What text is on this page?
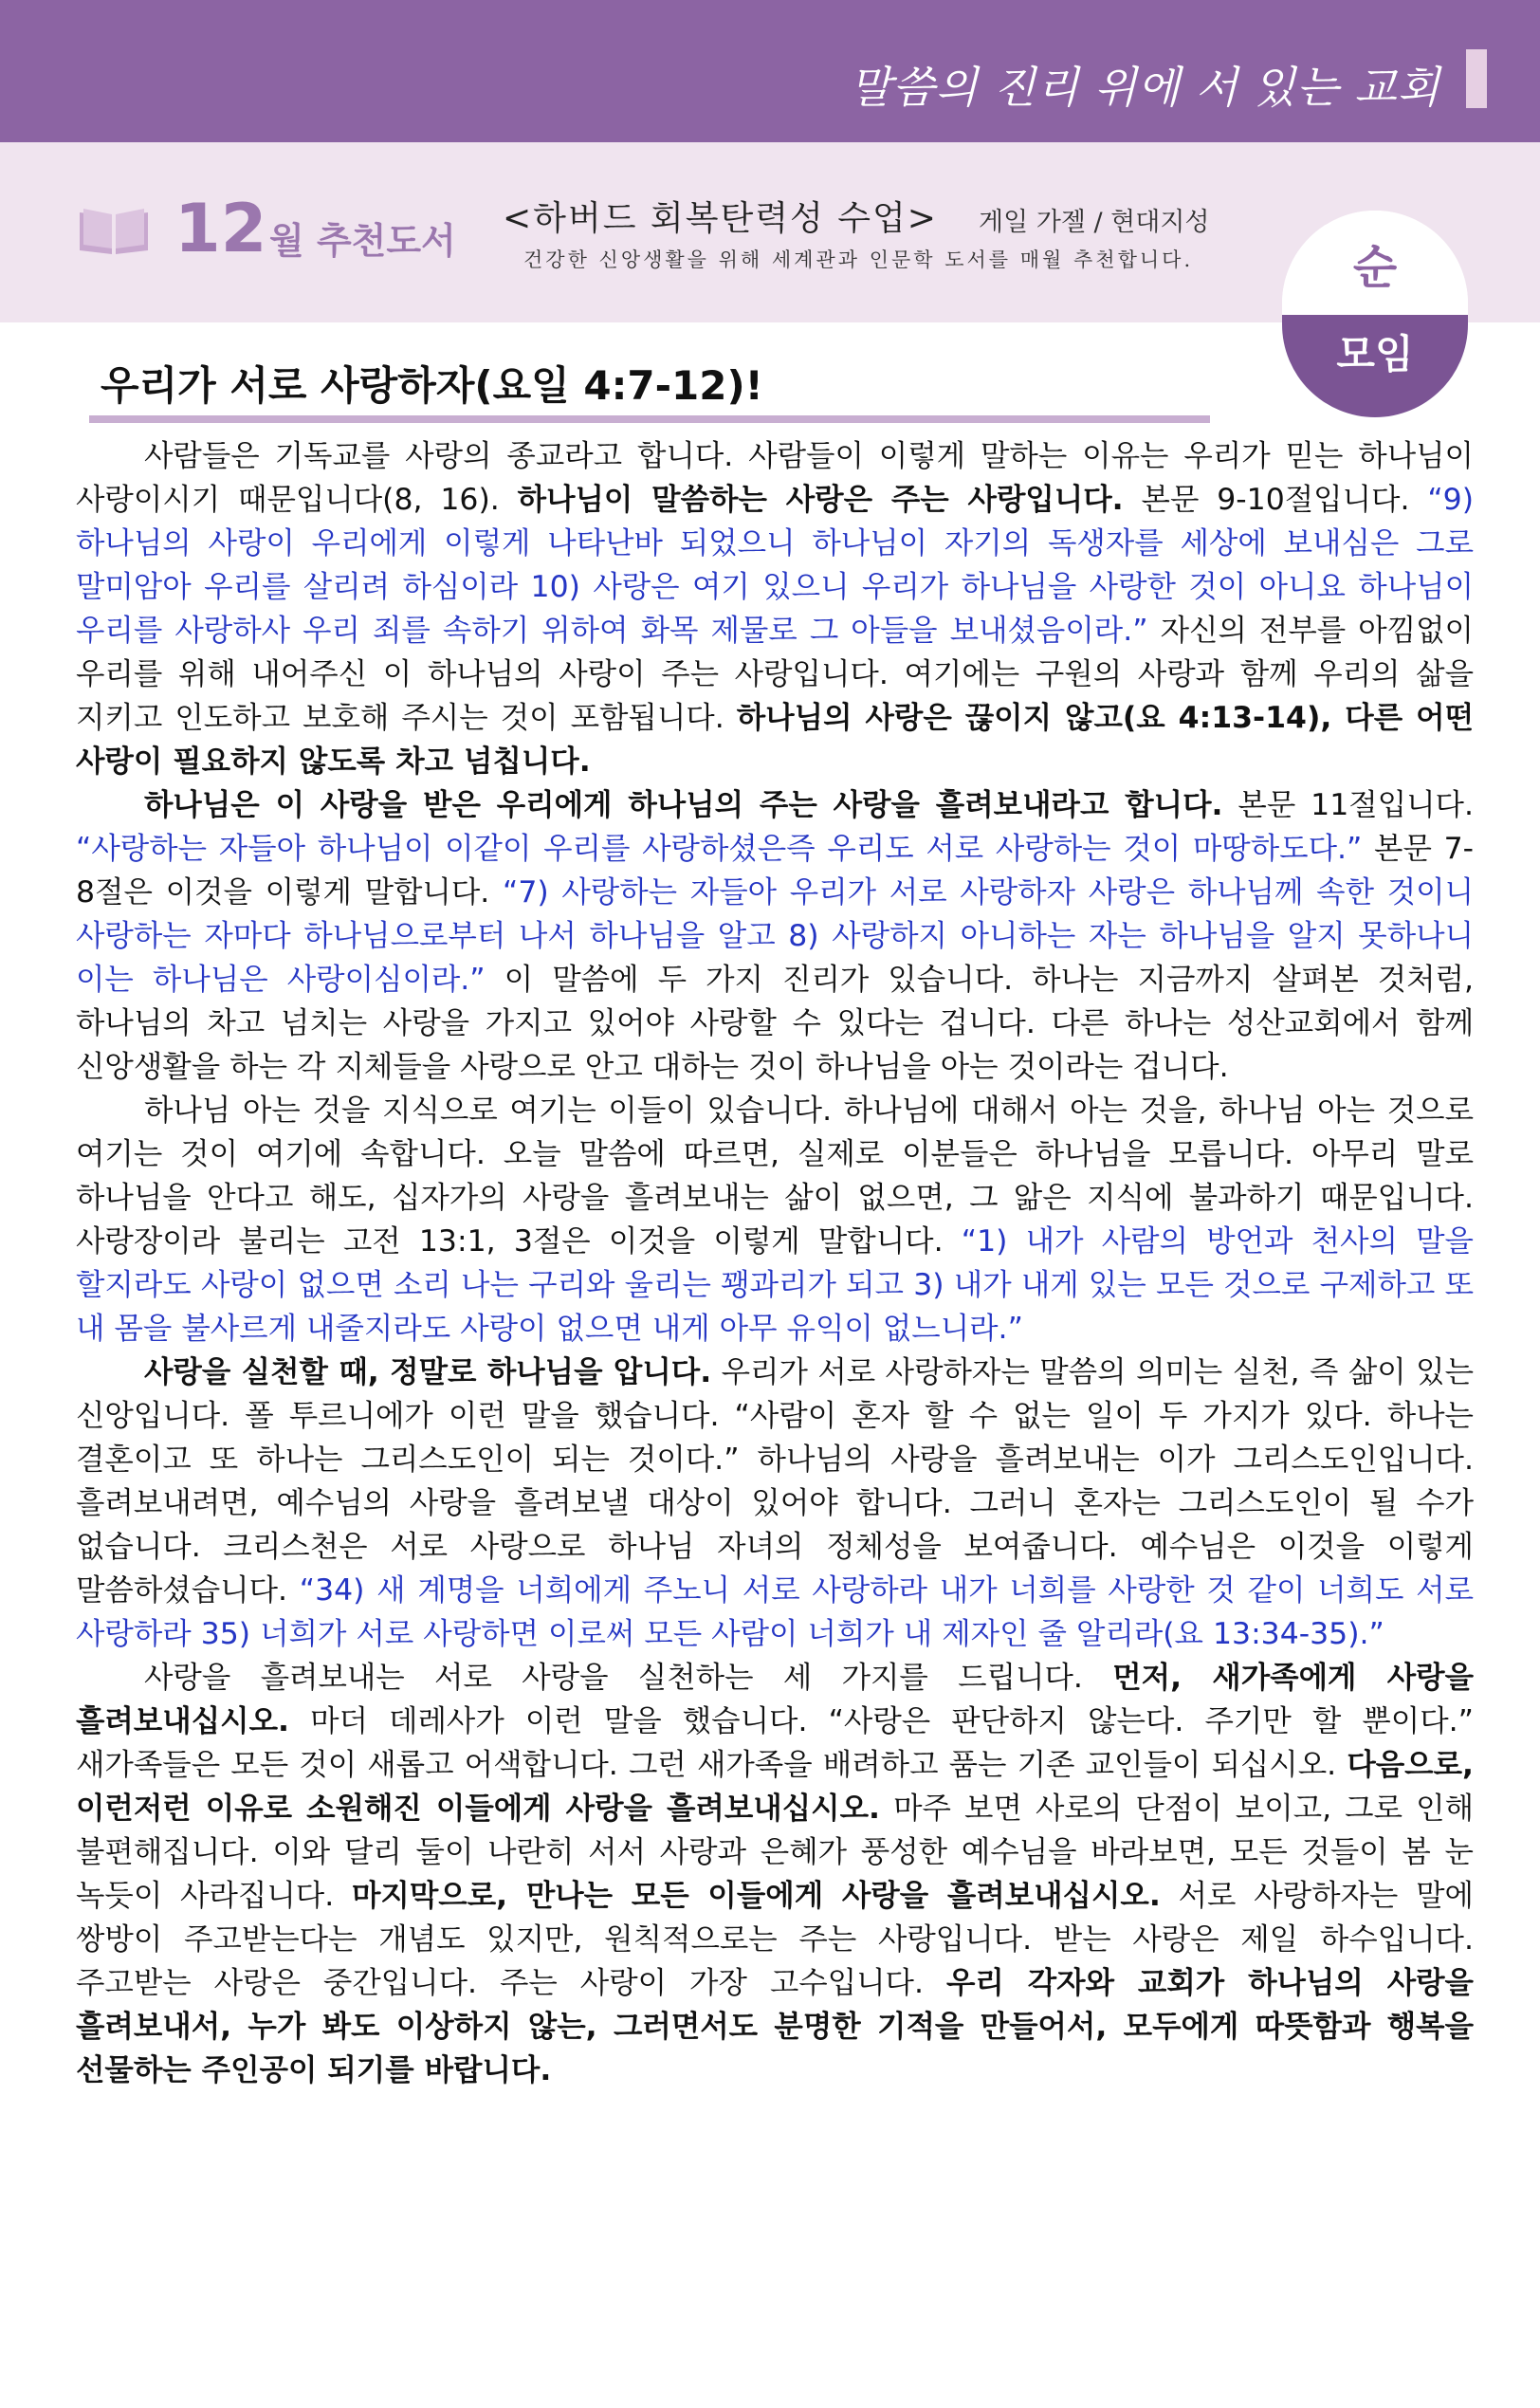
말씀의 진리 위에 서 있는 교회
12 월 추천도서
<하버드 회복탄력성 수업> 게일 가젤 / 현대지성
건강한 신앙생활을 위해 세계관과 인문학 도서를 매월 추천합니다.	순
모임
우리가 서로 사랑하자(요일 4:7-12)!

사람들은 기독교를 사랑의 종교라고 합니다. 사람들이 이렇게 말하는 이유는 우리가 믿는 하나님이 사랑이시기 때문입니다(8, 16). 하나님이 말씀하는 사랑은 주는 사랑입니다. 본문 9-10절입니다. “9) 하나님의 사랑이 우리에게 이렇게 나타난바 되었으니 하나님이 자기의 독생자를 세상에 보내심은 그로 말미암아 우리를 살리려 하심이라 10) 사랑은 여기 있으니 우리가 하나님을 사랑한 것이 아니요 하나님이 우리를 사랑하사 우리 죄를 속하기 위하여 화목 제물로 그 아들을 보내셨음이라.” 자신의 전부를 아낌없이 우리를 위해 내어주신 이 하나님의 사랑이 주는 사랑입니다. 여기에는 구원의 사랑과 함께 우리의 삶을 지키고 인도하고 보호해 주시는 것이 포함됩니다. 하나님의 사랑은 끊이지 않고(요 4:13-14), 다른 어떤 사랑이 필요하지 않도록 차고 넘칩니다.

하나님은 이 사랑을 받은 우리에게 하나님의 주는 사랑을 흘려보내라고 합니다. 본문 11절입니다. “사랑하는 자들아 하나님이 이같이 우리를 사랑하셨은즉 우리도 서로 사랑하는 것이 마땅하도다.” 본문 7-8절은 이것을 이렇게 말합니다. “7) 사랑하는 자들아 우리가 서로 사랑하자 사랑은 하나님께 속한 것이니 사랑하는 자마다 하나님으로부터 나서 하나님을 알고 8) 사랑하지 아니하는 자는 하나님을 알지 못하나니 이는 하나님은 사랑이심이라.” 이 말씀에 두 가지 진리가 있습니다. 하나는 지금까지 살펴본 것처럼, 하나님의 차고 넘치는 사랑을 가지고 있어야 사랑할 수 있다는 겁니다. 다른 하나는 성산교회에서 함께 신앙생활을 하는 각 지체들을 사랑으로 안고 대하는 것이 하나님을 아는 것이라는 겁니다.

하나님 아는 것을 지식으로 여기는 이들이 있습니다. 하나님에 대해서 아는 것을, 하나님 아는 것으로 여기는 것이 여기에 속합니다. 오늘 말씀에 따르면, 실제로 이분들은 하나님을 모릅니다. 아무리 말로 하나님을 안다고 해도, 십자가의 사랑을 흘려보내는 삶이 없으면, 그 앎은 지식에 불과하기 때문입니다. 사랑장이라 불리는 고전 13:1, 3절은 이것을 이렇게 말합니다. “1) 내가 사람의 방언과 천사의 말을 할지라도 사랑이 없으면 소리 나는 구리와 울리는 꽹과리가 되고 3) 내가 내게 있는 모든 것으로 구제하고 또 내 몸을 불사르게 내줄지라도 사랑이 없으면 내게 아무 유익이 없느니라.”

사랑을 실천할 때, 정말로 하나님을 압니다. 우리가 서로 사랑하자는 말씀의 의미는 실천, 즉 삶이 있는 신앙입니다. 폴 투르니에가 이런 말을 했습니다. “사람이 혼자 할 수 없는 일이 두 가지가 있다. 하나는 결혼이고 또 하나는 그리스도인이 되는 것이다.” 하나님의 사랑을 흘려보내는 이가 그리스도인입니다. 흘려보내려면, 예수님의 사랑을 흘려보낼 대상이 있어야 합니다. 그러니 혼자는 그리스도인이 될 수가 없습니다. 크리스천은 서로 사랑으로 하나님 자녀의 정체성을 보여줍니다. 예수님은 이것을 이렇게 말씀하셨습니다. “34) 새 계명을 너희에게 주노니 서로 사랑하라 내가 너희를 사랑한 것 같이 너희도 서로 사랑하라 35) 너희가 서로 사랑하면 이로써 모든 사람이 너희가 내 제자인 줄 알리라(요 13:34-35).”

사랑을 흘려보내는 서로 사랑을 실천하는 세 가지를 드립니다. 먼저, 새가족에게 사랑을 흘려보내십시오. 마더 데레사가 이런 말을 했습니다. “사랑은 판단하지 않는다. 주기만 할 뿐이다.” 새가족들은 모든 것이 새롭고 어색합니다. 그런 새가족을 배려하고 품는 기존 교인들이 되십시오. 다음으로, 이런저런 이유로 소원해진 이들에게 사랑을 흘려보내십시오. 마주 보면 사로의 단점이 보이고, 그로 인해 불편해집니다. 이와 달리 둘이 나란히 서서 사랑과 은혜가 풍성한 예수님을 바라보면, 모든 것들이 봄 눈 녹듯이 사라집니다. 마지막으로, 만나는 모든 이들에게 사랑을 흘려보내십시오. 서로 사랑하자는 말에 쌍방이 주고받는다는 개념도 있지만, 원칙적으로는 주는 사랑입니다. 받는 사랑은 제일 하수입니다. 주고받는 사랑은 중간입니다. 주는 사랑이 가장 고수입니다. 우리 각자와 교회가 하나님의 사랑을 흘려보내서, 누가 봐도 이상하지 않는, 그러면서도 분명한 기적을 만들어서, 모두에게 따뜻함과 행복을 선물하는 주인공이 되기를 바랍니다.
